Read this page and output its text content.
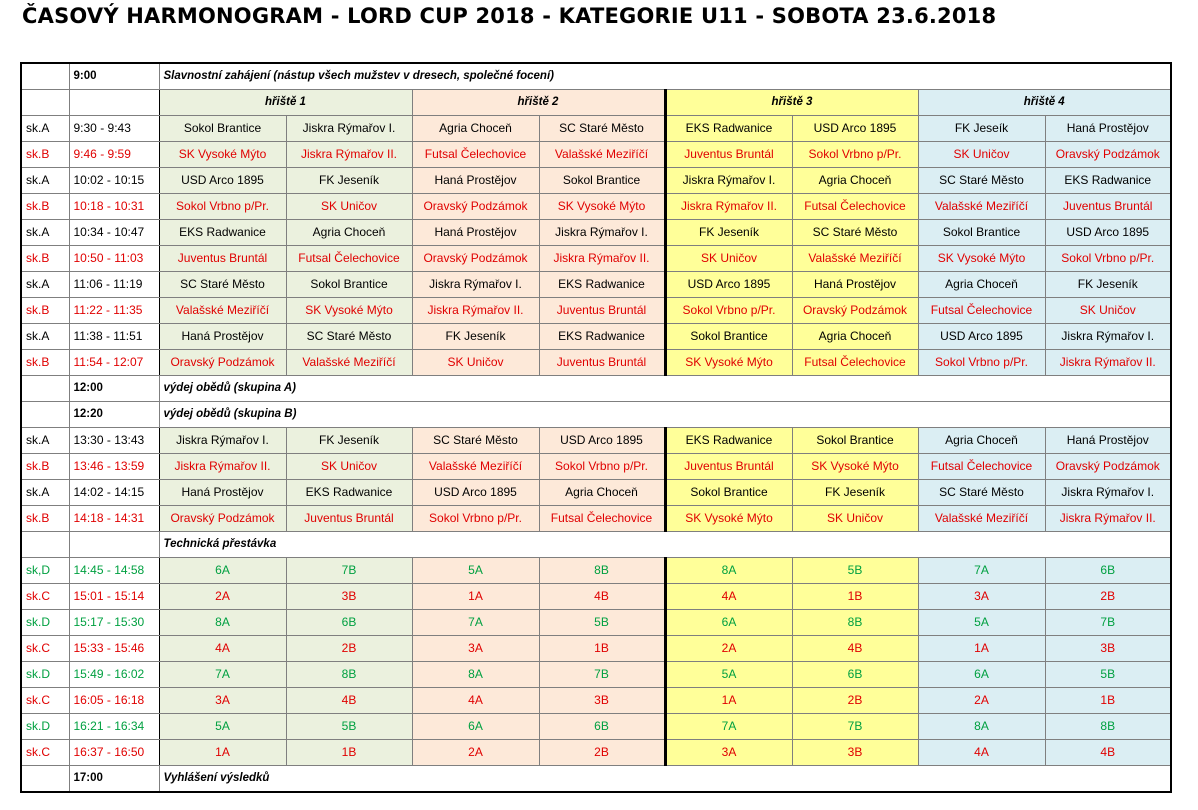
ČASOVÝ HARMONOGRAM - LORD CUP 2018 - KATEGORIE U11 - SOBOTA 23.6.2018
	9:00	Slavnostní zahájení (nástup všech mužstev v dresech, společné focení)							
		hřiště 1		hřiště 2		hřiště 3		hřiště 4	
sk.A	9:30 - 9:43	Sokol Brantice	Jiskra Rýmařov I.	Agria Choceň	SC Staré Město	EKS Radwanice	USD Arco 1895	FK Jeseík	Haná Prostějov
sk.B	9:46 - 9:59	SK Vysoké Mýto	Jiskra Rýmařov II.	Futsal Čelechovice	Valašské Meziříčí	Juventus Bruntál	Sokol Vrbno p/Pr.	SK Uničov	Oravský Podzámok
sk.A	10:02 - 10:15	USD Arco 1895	FK Jeseník	Haná Prostějov	Sokol Brantice	Jiskra Rýmařov I.	Agria Choceň	SC Staré Město	EKS Radwanice
sk.B	10:18 - 10:31	Sokol Vrbno p/Pr.	SK Uničov	Oravský Podzámok	SK Vysoké Mýto	Jiskra Rýmařov II.	Futsal Čelechovice	Valašské Meziříčí	Juventus Bruntál
sk.A	10:34 - 10:47	EKS Radwanice	Agria Choceň	Haná Prostějov	Jiskra Rýmařov I.	FK Jeseník	SC Staré Město	Sokol Brantice	USD Arco 1895
sk.B	10:50 - 11:03	Juventus Bruntál	Futsal Čelechovice	Oravský Podzámok	Jiskra Rýmařov II.	SK Uničov	Valašské Meziříčí	SK Vysoké Mýto	Sokol Vrbno p/Pr.
sk.A	11:06 - 11:19	SC Staré Město	Sokol Brantice	Jiskra Rýmařov I.	EKS Radwanice	USD Arco 1895	Haná Prostějov	Agria Choceň	FK Jeseník
sk.B	11:22 - 11:35	Valašské Meziříčí	SK Vysoké Mýto	Jiskra Rýmařov II.	Juventus Bruntál	Sokol Vrbno p/Pr.	Oravský Podzámok	Futsal Čelechovice	SK Uničov
sk.A	11:38 - 11:51	Haná Prostějov	SC Staré Město	FK Jeseník	EKS Radwanice	Sokol Brantice	Agria Choceň	USD Arco 1895	Jiskra Rýmařov I.
sk.B	11:54 - 12:07	Oravský Podzámok	Valašské Meziříčí	SK Uničov	Juventus Bruntál	SK Vysoké Mýto	Futsal Čelechovice	Sokol Vrbno p/Pr.	Jiskra Rýmařov II.
	12:00	výdej obědů (skupina A)							
	12:20	výdej obědů (skupina B)							
sk.A	13:30 - 13:43	Jiskra Rýmařov I.	FK Jeseník	SC Staré Město	USD Arco 1895	EKS Radwanice	Sokol Brantice	Agria Choceň	Haná Prostějov
sk.B	13:46 - 13:59	Jiskra Rýmařov II.	SK Uničov	Valašské Meziříčí	Sokol Vrbno p/Pr.	Juventus Bruntál	SK Vysoké Mýto	Futsal Čelechovice	Oravský Podzámok
sk.A	14:02 - 14:15	Haná Prostějov	EKS Radwanice	USD Arco 1895	Agria Choceň	Sokol Brantice	FK Jeseník	SC Staré Město	Jiskra Rýmařov I.
sk.B	14:18 - 14:31	Oravský Podzámok	Juventus Bruntál	Sokol Vrbno p/Pr.	Futsal Čelechovice	SK Vysoké Mýto	SK Uničov	Valašské Meziříčí	Jiskra Rýmařov II.
		Technická přestávka							
sk,D	14:45 - 14:58	6A	7B	5A	8B	8A	5B	7A	6B
sk.C	15:01 - 15:14	2A	3B	1A	4B	4A	1B	3A	2B
sk.D	15:17 - 15:30	8A	6B	7A	5B	6A	8B	5A	7B
sk.C	15:33 - 15:46	4A	2B	3A	1B	2A	4B	1A	3B
sk.D	15:49 - 16:02	7A	8B	8A	7B	5A	6B	6A	5B
sk.C	16:05 - 16:18	3A	4B	4A	3B	1A	2B	2A	1B
sk.D	16:21 - 16:34	5A	5B	6A	6B	7A	7B	8A	8B
sk.C	16:37 - 16:50	1A	1B	2A	2B	3A	3B	4A	4B
	17:00	Vyhlášení výsledků							
